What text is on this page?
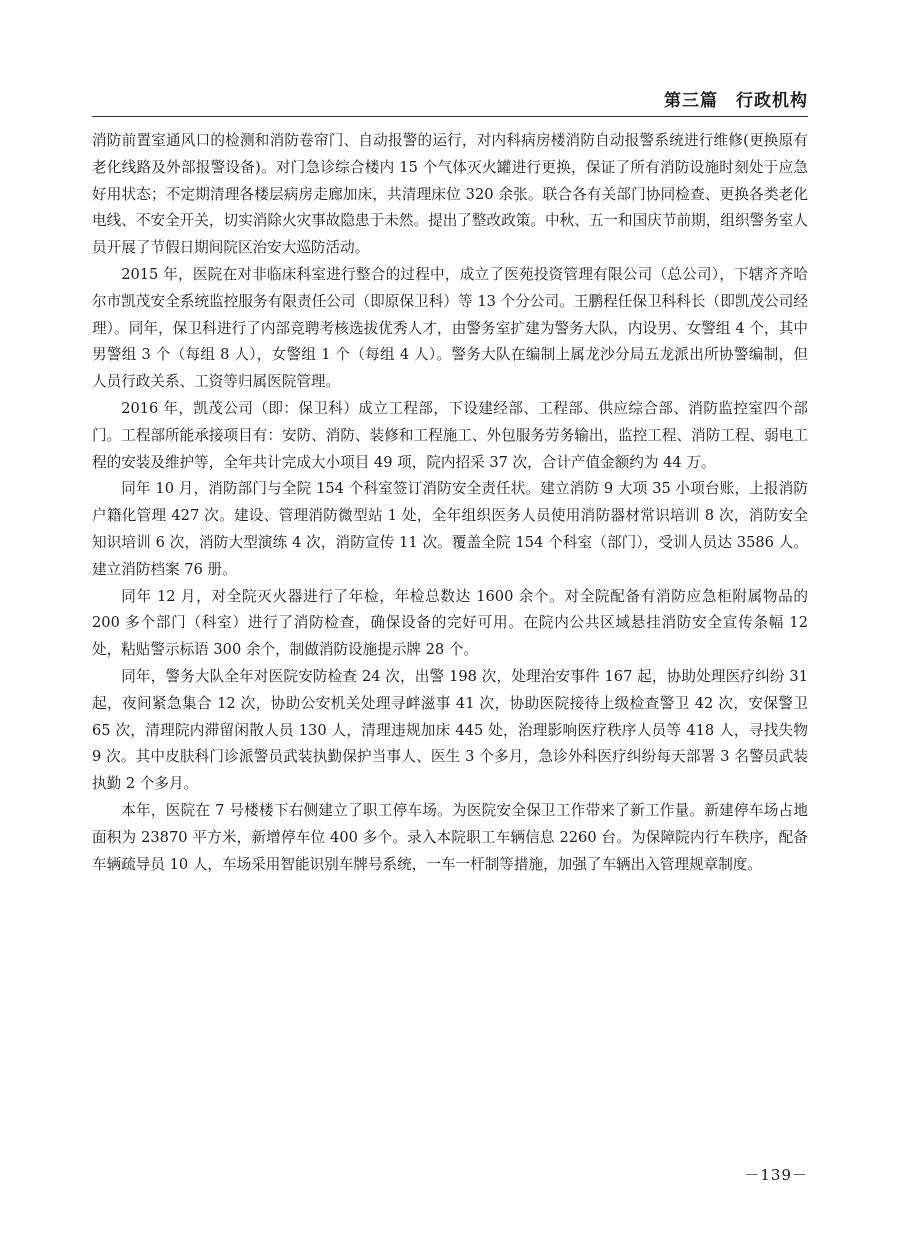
第三篇　行政机构

消防前置室通风口的检测和消防卷帘门、自动报警的运行，对内科病房楼消防自动报警系统进行维修(更换原有老化线路及外部报警设备)。对门急诊综合楼内 15 个气体灭火罐进行更换，保证了所有消防设施时刻处于应急好用状态；不定期清理各楼层病房走廊加床，共清理床位 320 余张。联合各有关部门协同检查、更换各类老化电线、不安全开关，切实消除火灾事故隐患于未然。提出了整改政策。中秋、五一和国庆节前期，组织警务室人员开展了节假日期间院区治安大巡防活动。

2015 年，医院在对非临床科室进行整合的过程中，成立了医苑投资管理有限公司（总公司），下辖齐齐哈尔市凯茂安全系统监控服务有限责任公司（即原保卫科）等 13 个分公司。王鹏程任保卫科科长（即凯茂公司经理）。同年，保卫科进行了内部竞聘考核选拔优秀人才，由警务室扩建为警务大队，内设男、女警组 4 个，其中男警组 3 个（每组 8 人），女警组 1 个（每组 4 人）。警务大队在编制上属龙沙分局五龙派出所协警编制，但人员行政关系、工资等归属医院管理。

2016 年，凯茂公司（即：保卫科）成立工程部，下设建经部、工程部、供应综合部、消防监控室四个部门。工程部所能承接项目有：安防、消防、装修和工程施工、外包服务劳务输出，监控工程、消防工程、弱电工程的安装及维护等，全年共计完成大小项目 49 项，院内招采 37 次，合计产值金额约为 44 万。

同年 10 月，消防部门与全院 154 个科室签订消防安全责任状。建立消防 9 大项 35 小项台账，上报消防户籍化管理 427 次。建设、管理消防微型站 1 处，全年组织医务人员使用消防器材常识培训 8 次，消防安全知识培训 6 次，消防大型演练 4 次，消防宣传 11 次。覆盖全院 154 个科室（部门），受训人员达 3586 人。建立消防档案 76 册。

同年 12 月，对全院灭火器进行了年检，年检总数达 1600 余个。对全院配备有消防应急柜附属物品的 200 多个部门（科室）进行了消防检查，确保设备的完好可用。在院内公共区域悬挂消防安全宣传条幅 12 处，粘贴警示标语 300 余个，制做消防设施提示牌 28 个。

同年，警务大队全年对医院安防检查 24 次，出警 198 次，处理治安事件 167 起，协助处理医疗纠纷 31 起，夜间紧急集合 12 次，协助公安机关处理寻衅滋事 41 次，协助医院接待上级检查警卫 42 次，安保警卫 65 次，清理院内滞留闲散人员 130 人，清理违规加床 445 处，治理影响医疗秩序人员等 418 人，寻找失物 9 次。其中皮肤科门诊派警员武装执勤保护当事人、医生 3 个多月，急诊外科医疗纠纷每天部署 3 名警员武装执勤 2 个多月。

本年，医院在 7 号楼楼下右侧建立了职工停车场。为医院安全保卫工作带来了新工作量。新建停车场占地面积为 23870 平方米，新增停车位 400 多个。录入本院职工车辆信息 2260 台。为保障院内行车秩序，配备车辆疏导员 10 人，车场采用智能识别车牌号系统，一车一杆制等措施，加强了车辆出入管理规章制度。

－139－
